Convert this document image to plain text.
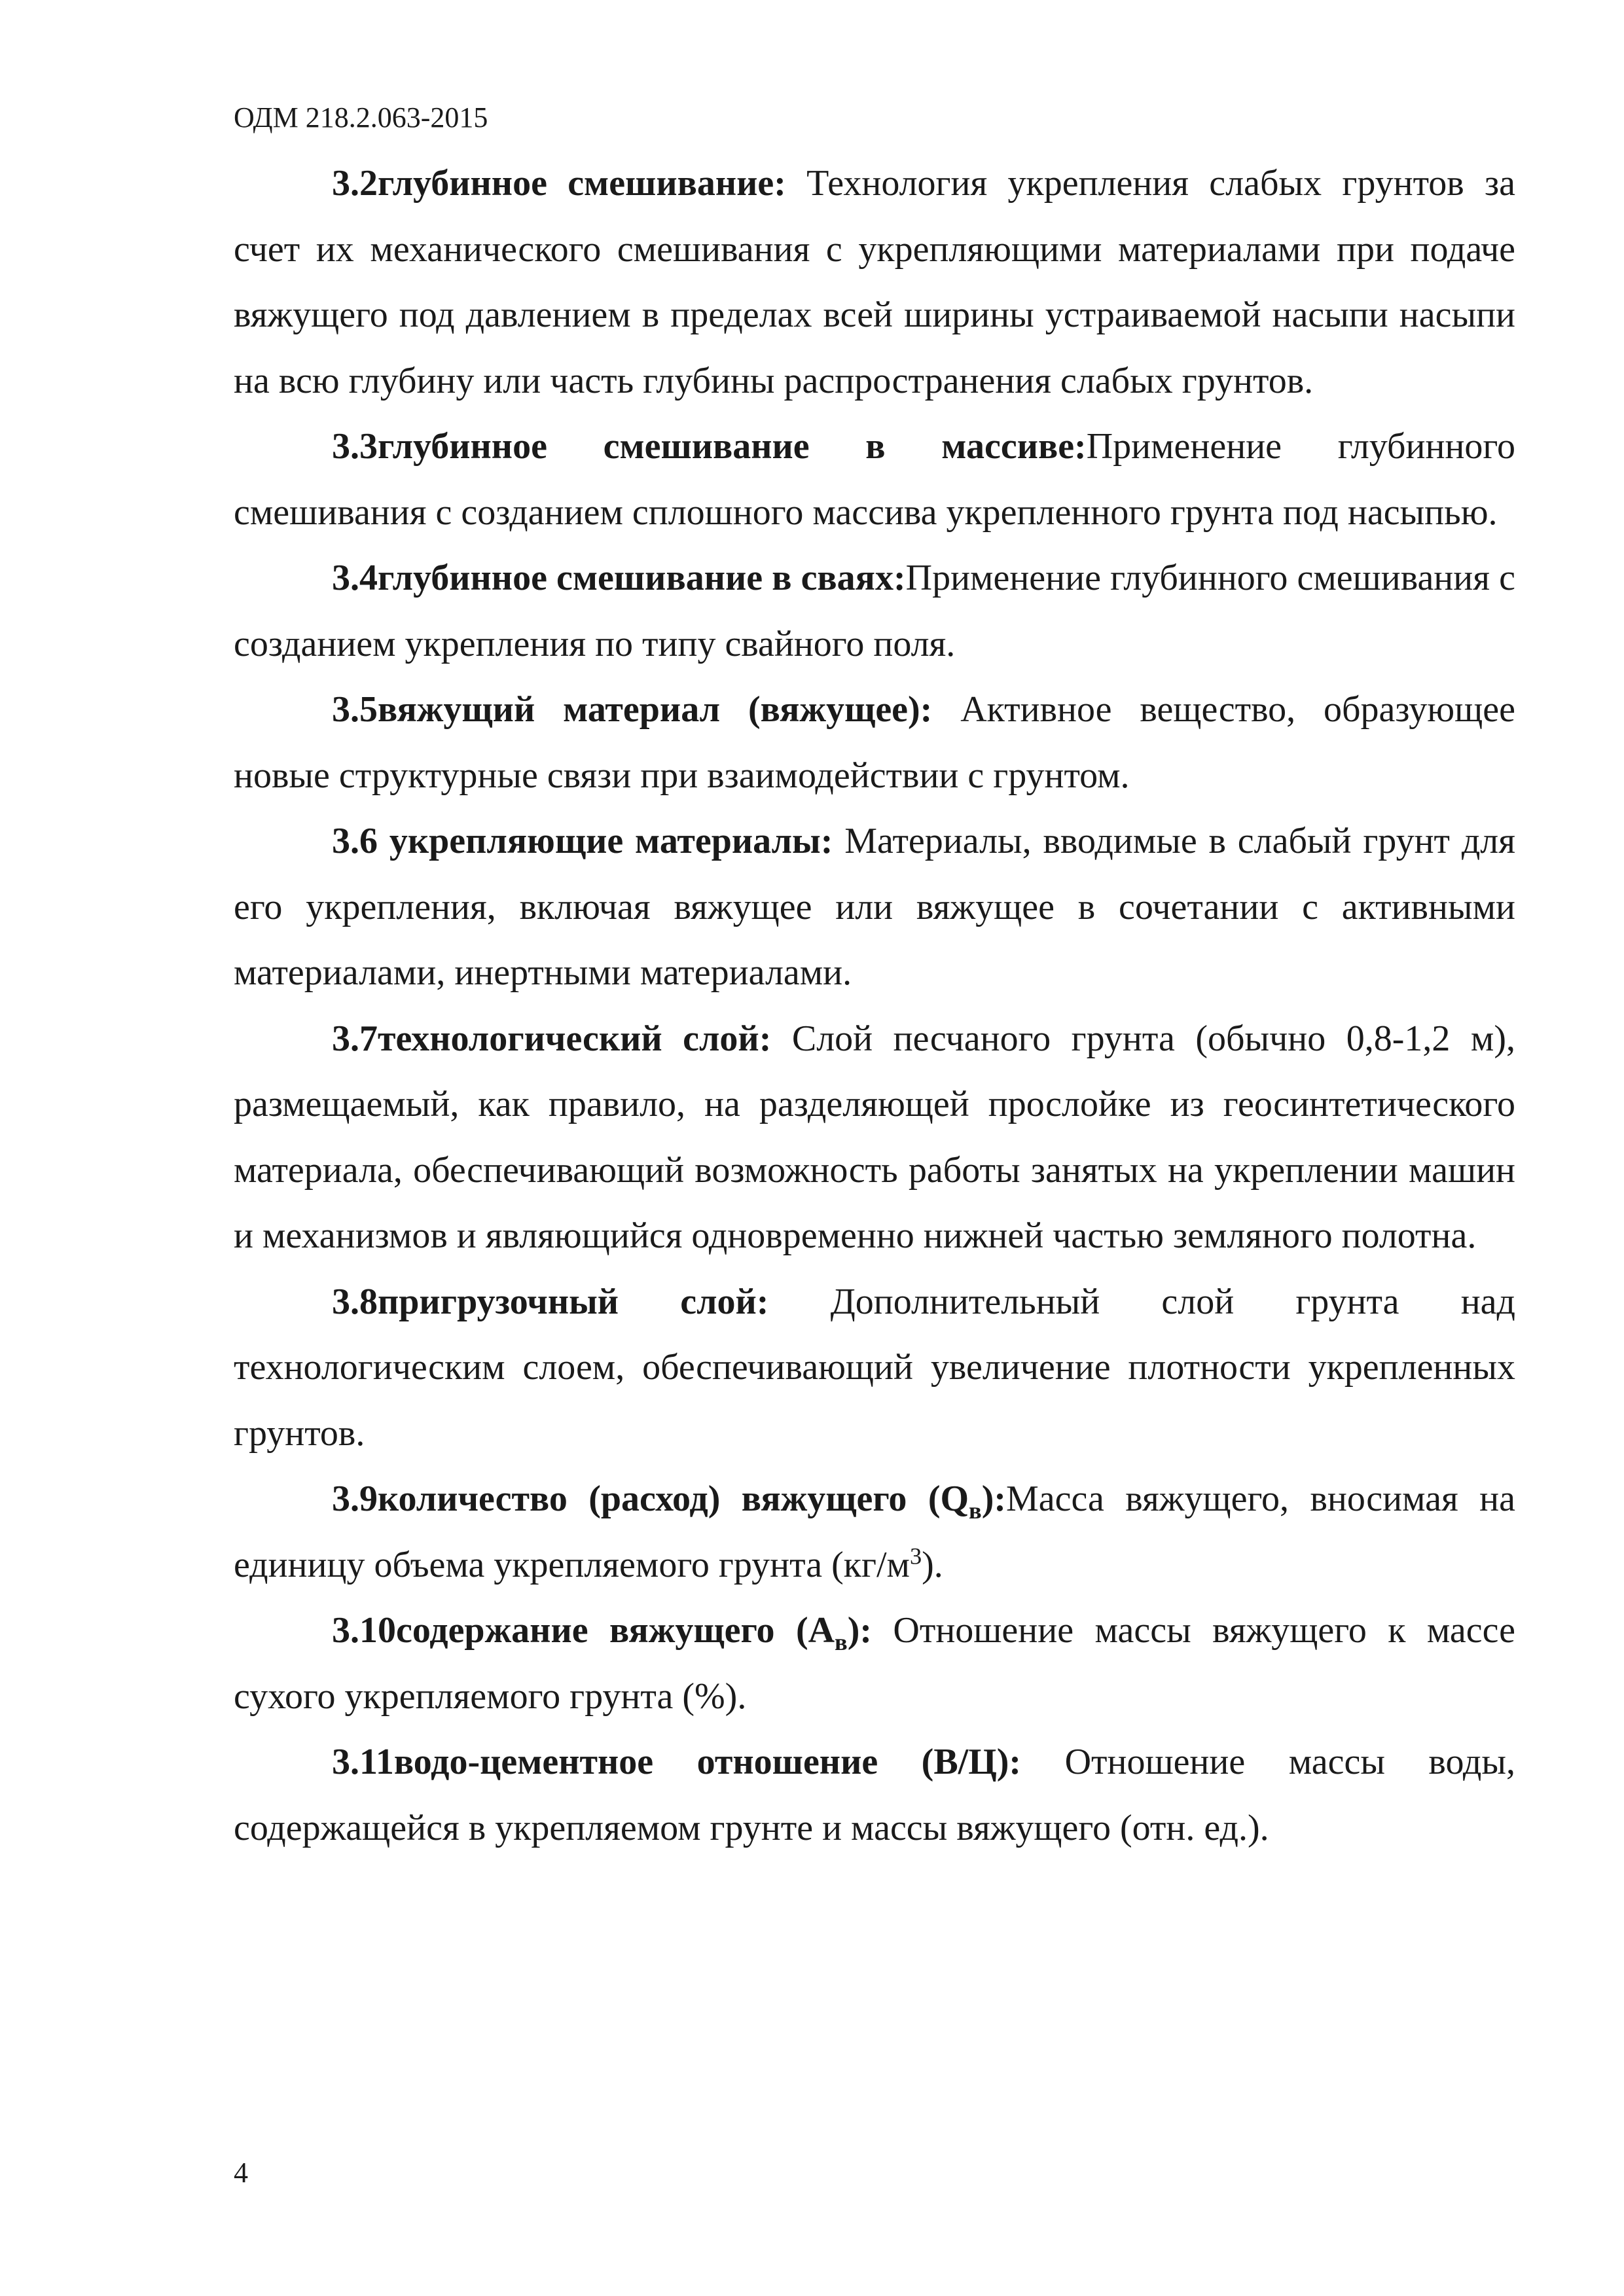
ОДМ 218.2.063-2015

3.2глубинное смешивание: Технология укрепления слабых грунтов за счет их механического смешивания с укрепляющими материалами при подаче вяжущего под давлением в пределах всей ширины устраиваемой насыпи насыпи на всю глубину или часть глубины распространения слабых грунтов.

3.3глубинное смешивание в массиве:Применение глубинного смешивания с созданием сплошного массива укрепленного грунта под насыпью.

3.4глубинное смешивание в сваях:Применение глубинного смешивания с созданием укрепления по типу свайного поля.

3.5вяжущий материал (вяжущее): Активное вещество, образующее новые структурные связи при взаимодействии с грунтом.

3.6 укрепляющие материалы: Материалы, вводимые в слабый грунт для его укрепления, включая вяжущее или вяжущее в сочетании с активными материалами, инертными материалами.

3.7технологический слой: Слой песчаного грунта (обычно 0,8-1,2 м), размещаемый, как правило, на разделяющей прослойке из геосинтетического материала, обеспечивающий возможность работы занятых на укреплении машин и механизмов и являющийся одновременно нижней частью земляного полотна.

3.8пригрузочный слой: Дополнительный слой грунта над технологическим слоем, обеспечивающий увеличение плотности укрепленных грунтов.

3.9количество (расход) вяжущего $(Q_в):Масса$ вяжущего, вносимая на единицу объема укрепляемого грунта $(кг/м^3)$.

3.10содержание вяжущего $(А_в)$: Отношение массы вяжущего к массе сухого укрепляемого грунта (%).

3.11водо-цементное отношение (В/Ц): Отношение массы воды, содержащейся в укрепляемом грунте и массы вяжущего (отн. ед.).

4
